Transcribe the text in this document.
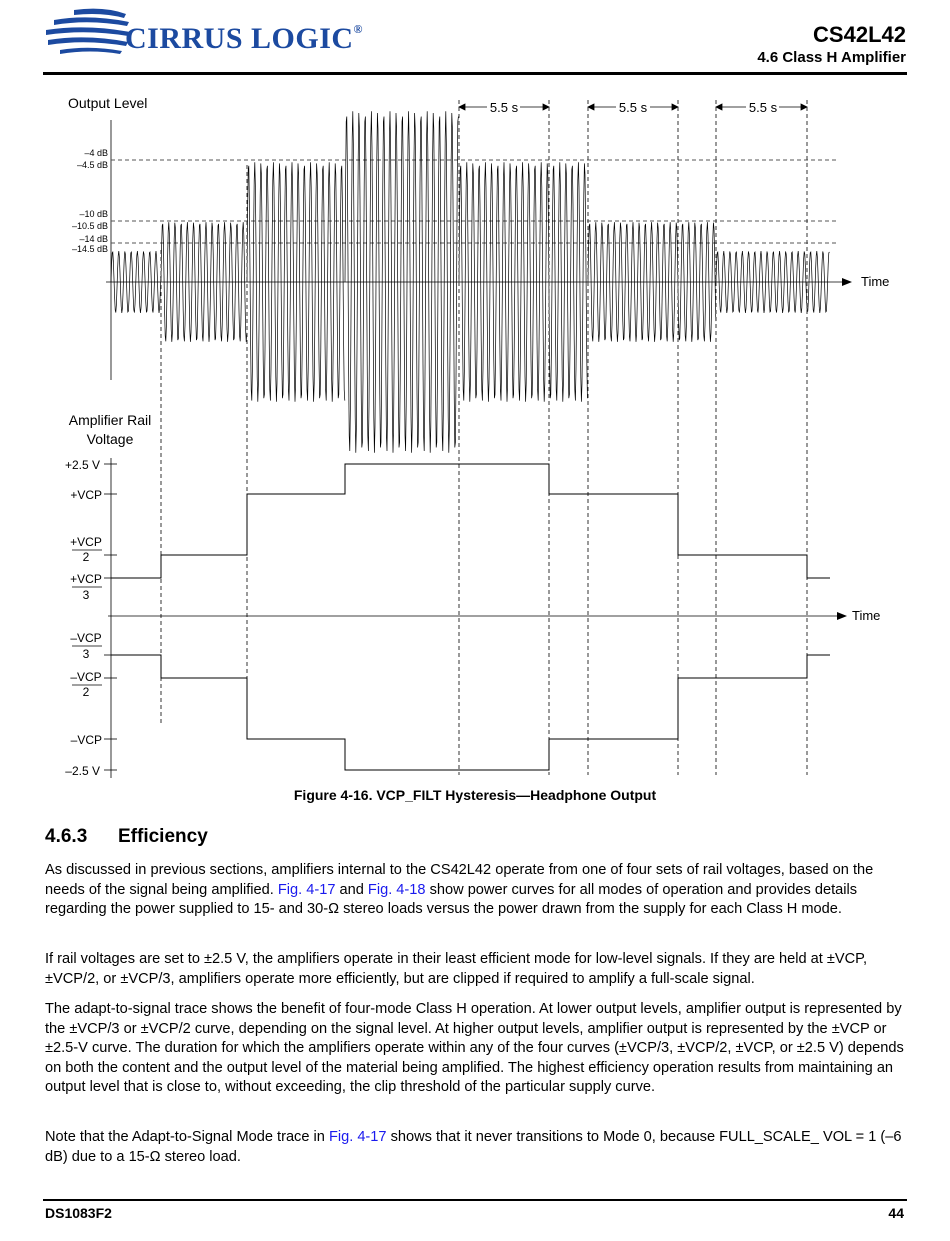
CIRRUS LOGIC®	CS42L42
4.6 Class H Amplifier
Output Level
Time
–4 dB
–4.5 dB
–10 dB
–10.5 dB
–14 dB
–14.5 dB
5.5 s	5.5 s	5.5 s
Amplifier Rail
Voltage
Time
+2.5 V
+VCP
–VCP
–2.5 V
+VCP
2
+VCP
3
–VCP
3
–VCP
2
Figure 4-16. VCP_FILT Hysteresis—Headphone Output
4.6.3 Efficiency
As discussed in previous sections, amplifiers internal to the CS42L42 operate from one of four sets of rail voltages, based on the needs of the signal being amplified. Fig. 4-17 and Fig. 4-18 show power curves for all modes of operation and provides details regarding the power supplied to 15- and 30-Ω stereo loads versus the power drawn from the supply for each Class H mode.
If rail voltages are set to ±2.5 V, the amplifiers operate in their least efficient mode for low-level signals. If they are held at ±VCP, ±VCP/2, or ±VCP/3, amplifiers operate more efficiently, but are clipped if required to amplify a full-scale signal.
The adapt-to-signal trace shows the benefit of four-mode Class H operation. At lower output levels, amplifier output is represented by the ±VCP/3 or ±VCP/2 curve, depending on the signal level. At higher output levels, amplifier output is represented by the ±VCP or ±2.5-V curve. The duration for which the amplifiers operate within any of the four curves (±VCP/3, ±VCP/2, ±VCP, or ±2.5 V) depends on both the content and the output level of the material being amplified. The highest efficiency operation results from maintaining an output level that is close to, without exceeding, the clip threshold of the particular supply curve.
Note that the Adapt-to-Signal Mode trace in Fig. 4-17 shows that it never transitions to Mode 0, because FULL_SCALE_ VOL = 1 (–6 dB) due to a 15-Ω stereo load.
DS1083F2	44
